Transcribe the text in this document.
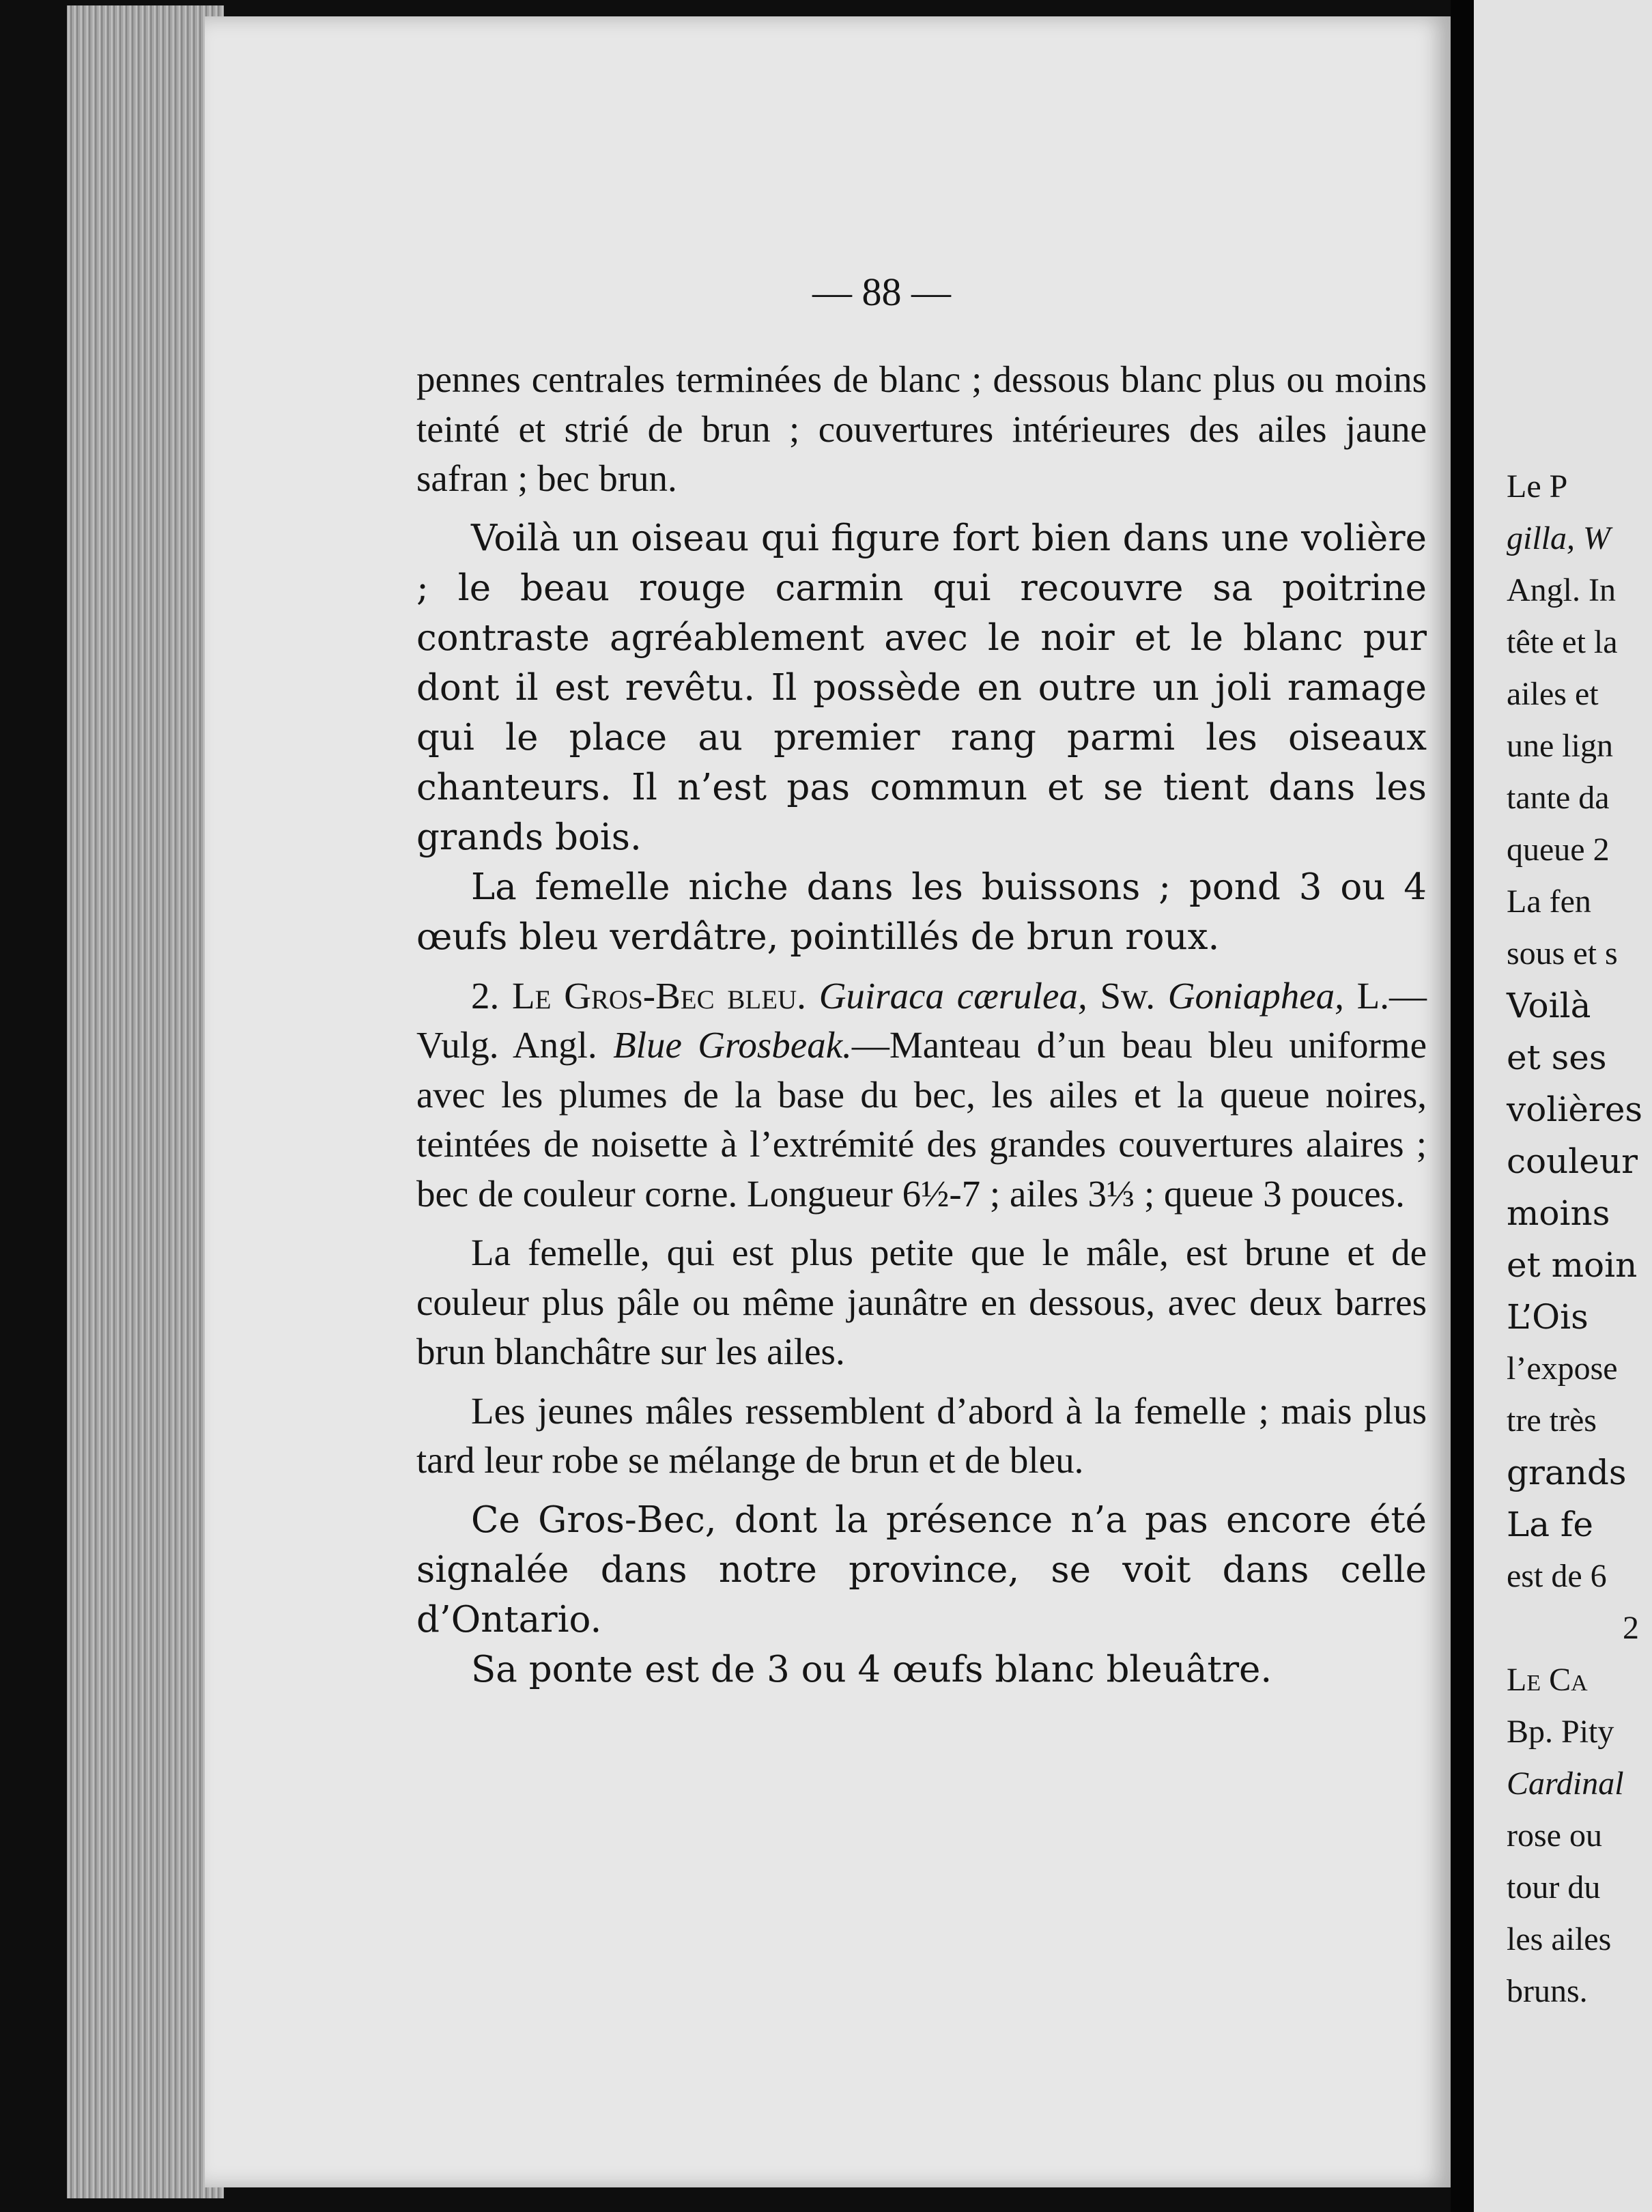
— 88 —

pennes centrales terminées de blanc ; dessous blanc plus ou moins teinté et strié de brun ; couvertures intérieures des ailes jaune safran ; bec brun.

Voilà un oiseau qui figure fort bien dans une volière ; le beau rouge carmin qui recouvre sa poitrine contraste agréablement avec le noir et le blanc pur dont il est revêtu. Il possède en outre un joli ramage qui le place au premier rang parmi les oiseaux chanteurs. Il n’est pas commun et se tient dans les grands bois.

La femelle niche dans les buissons ; pond 3 ou 4 œufs bleu verdâtre, pointillés de brun roux.

2. Le Gros-Bec bleu. Guiraca cærulea, Sw. Goniaphea, L.—Vulg. Angl. Blue Grosbeak.—Manteau d’un beau bleu uniforme avec les plumes de la base du bec, les ailes et la queue noires, teintées de noisette à l’extrémité des grandes couvertures alaires ; bec de couleur corne. Longueur 6½-7 ; ailes 3⅓ ; queue 3 pouces.

La femelle, qui est plus petite que le mâle, est brune et de couleur plus pâle ou même jaunâtre en dessous, avec deux barres brun blanchâtre sur les ailes.

Les jeunes mâles ressemblent d’abord à la femelle ; mais plus tard leur robe se mélange de brun et de bleu.

Ce Gros-Bec, dont la présence n’a pas encore été signalée dans notre province, se voit dans celle d’Ontario.

Sa ponte est de 3 ou 4 œufs blanc bleuâtre.

Le P
gilla, W
Angl. In
tête et la
ailes et
une lign
tante da
queue 2
La fen
sous et s
Voilà
et ses
volières
couleur
moins
et moin
L’Ois
l’expose
tre très
grands
La fe
est de 6
2
Le Ca
Bp. Pity
Cardinal
rose ou
tour du
les ailes
bruns.
